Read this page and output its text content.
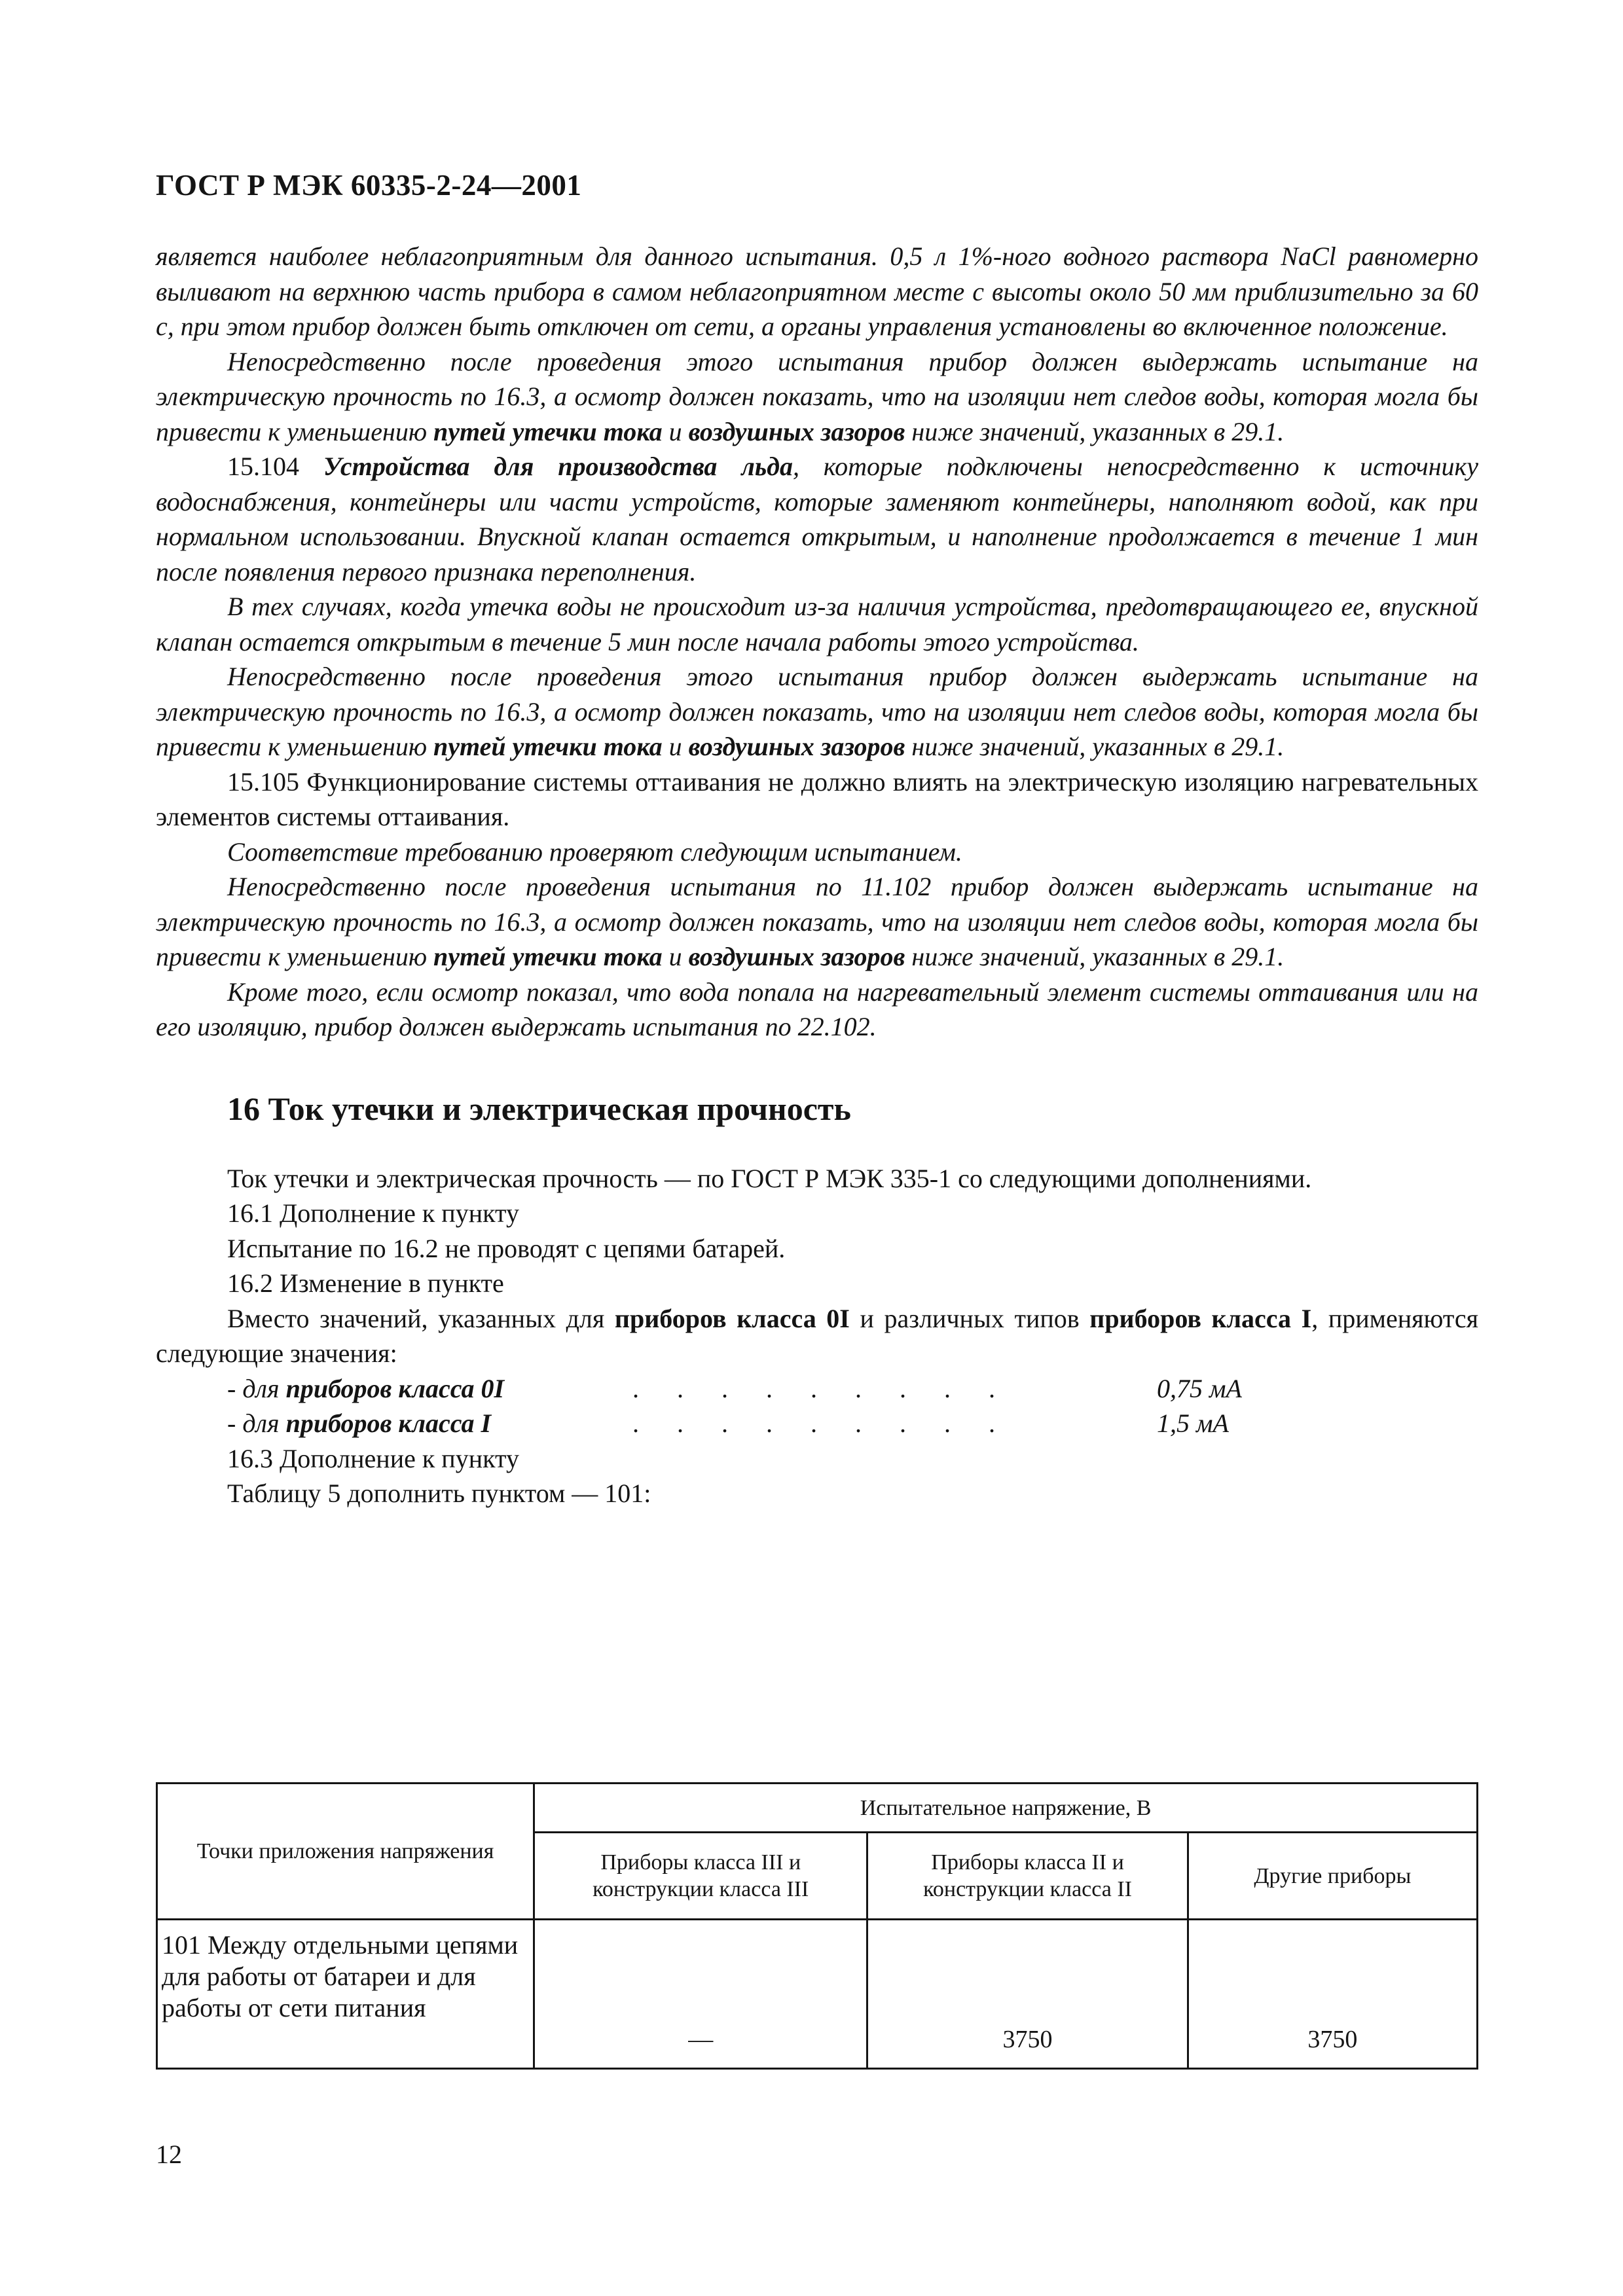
ГОСТ Р МЭК 60335-2-24—2001

является наиболее неблагоприятным для данного испытания. 0,5 л 1%-ного водного раствора NaCl равномерно выливают на верхнюю часть прибора в самом неблагоприятном месте с высоты около 50 мм приблизительно за 60 с, при этом прибор должен быть отключен от сети, а органы управления установлены во включенное положение.

Непосредственно после проведения этого испытания прибор должен выдержать испытание на электрическую прочность по 16.3, а осмотр должен показать, что на изоляции нет следов воды, которая могла бы привести к уменьшению путей утечки тока и воздушных зазоров ниже значений, указанных в 29.1.

15.104 Устройства для производства льда, которые подключены непосредственно к источнику водоснабжения, контейнеры или части устройств, которые заменяют контейнеры, наполняют водой, как при нормальном использовании. Впускной клапан остается открытым, и наполнение продолжается в течение 1 мин после появления первого признака переполнения.

В тех случаях, когда утечка воды не происходит из-за наличия устройства, предотвращающего ее, впускной клапан остается открытым в течение 5 мин после начала работы этого устройства.

Непосредственно после проведения этого испытания прибор должен выдержать испытание на электрическую прочность по 16.3, а осмотр должен показать, что на изоляции нет следов воды, которая могла бы привести к уменьшению путей утечки тока и воздушных зазоров ниже значений, указанных в 29.1.

15.105 Функционирование системы оттаивания не должно влиять на электрическую изоляцию нагревательных элементов системы оттаивания.

Соответствие требованию проверяют следующим испытанием.

Непосредственно после проведения испытания по 11.102 прибор должен выдержать испытание на электрическую прочность по 16.3, а осмотр должен показать, что на изоляции нет следов воды, которая могла бы привести к уменьшению путей утечки тока и воздушных зазоров ниже значений, указанных в 29.1.

Кроме того, если осмотр показал, что вода попала на нагревательный элемент системы оттаивания или на его изоляцию, прибор должен выдержать испытания по 22.102.

16 Ток утечки и электрическая прочность

Ток утечки и электрическая прочность — по ГОСТ Р МЭК 335-1 со следующими дополнениями.

16.1 Дополнение к пункту

Испытание по 16.2 не проводят с цепями батарей.

16.2 Изменение в пункте

Вместо значений, указанных для приборов класса 0I и различных типов приборов класса I, применяются следующие значения:

- для приборов класса 0I	. . . . . . . . .	0,75 мА
- для приборов класса I	. . . . . . . . .	1,5 мА

16.3 Дополнение к пункту

Таблицу 5 дополнить пунктом — 101:

Точки приложения напряжения	Испытательное напряжение, В		
	Приборы класса III и конструкции класса III	Приборы класса II и конструкции класса II	Другие приборы
101 Между отдельными цепями для работы от батареи и для работы от сети питания	—	3750	3750
12
